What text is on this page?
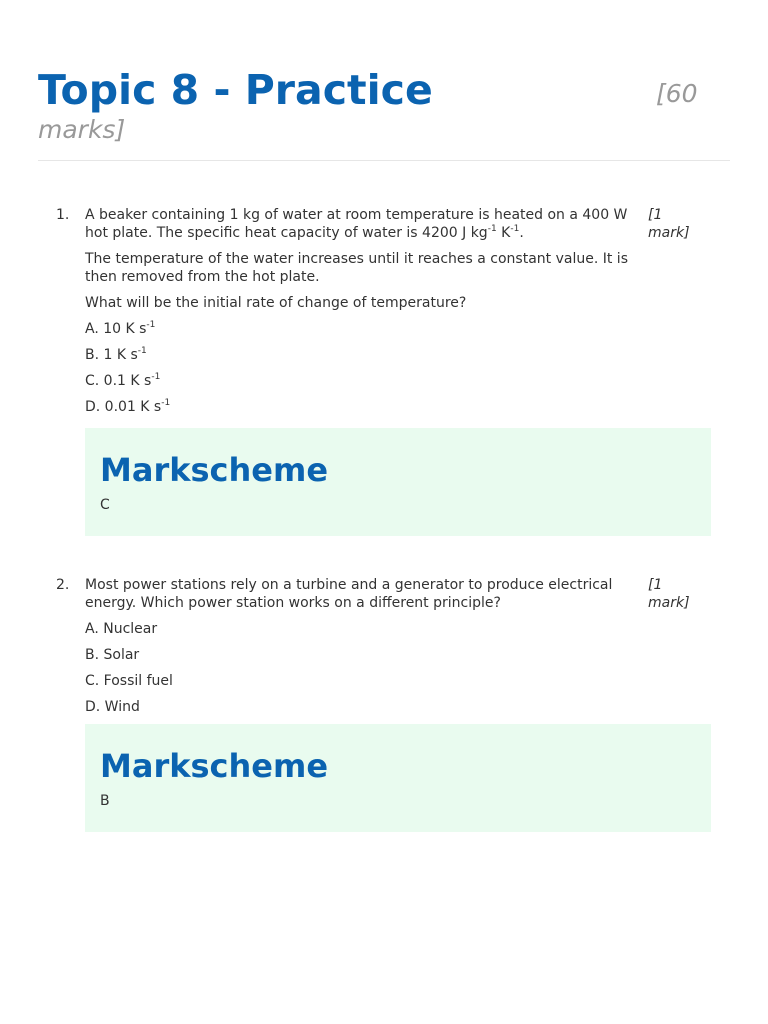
Topic 8 - Practice	[60
marks]
1.	[1
mark]

A beaker containing 1 kg of water at room temperature is heated on a 400 W hot plate. The specific heat capacity of water is 4200 J $kg^{-1}$ $K^{-1}$.

The temperature of the water increases until it reaches a constant value. It is then removed from the hot plate.

What will be the initial rate of change of temperature?

A. 10 K $s^{-1}$
B. 1 K $s^{-1}$
C. 0.1 K $s^{-1}$
D. 0.01 K $s^{-1}$
Markscheme
C
2.	[1
mark]

Most power stations rely on a turbine and a generator to produce electrical energy. Which power station works on a different principle?

A. Nuclear
B. Solar
C. Fossil fuel
D. Wind
Markscheme
B
